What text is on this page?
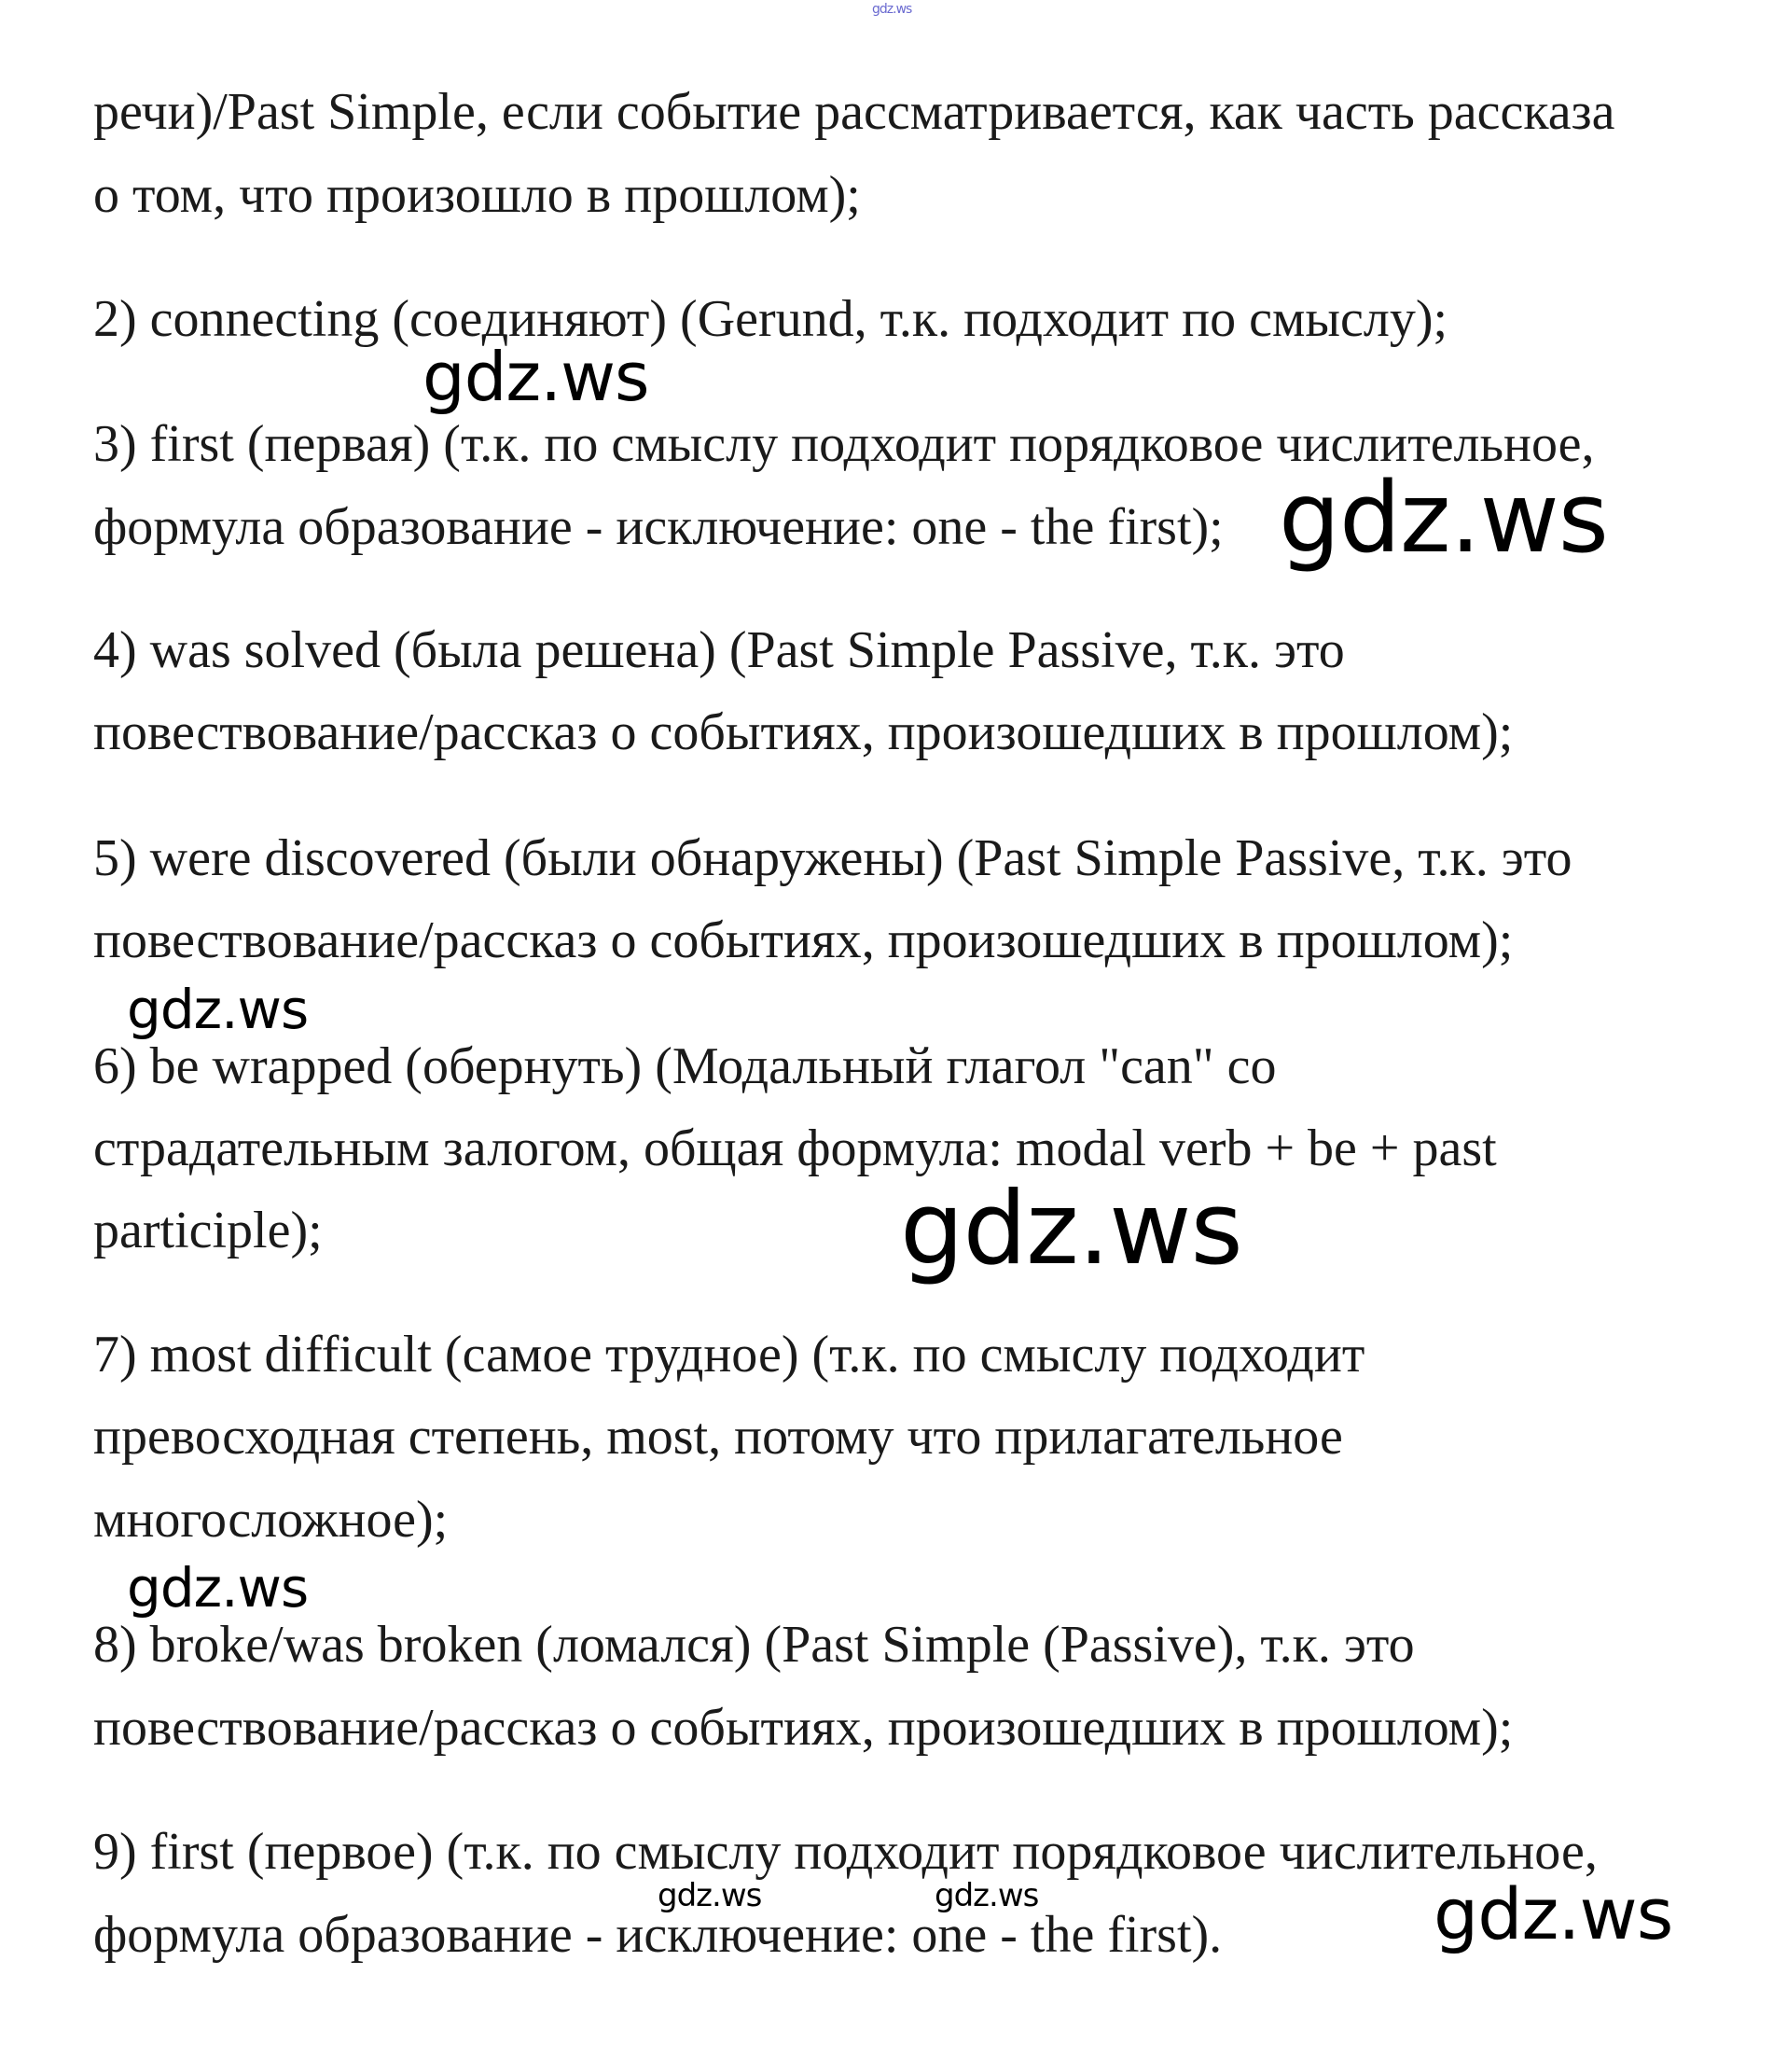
gdz.ws
речи)/Past Simple, если событие рассматривается, как часть рассказа
о том, что произошло в прошлом);
2) connecting (соединяют) (Gerund, т.к. подходит по смыслу);
gdz.ws
3) first (первая) (т.к. по смыслу подходит порядковое числительное,
формула образование - исключение: one - the first); gdz.ws
4) was solved (была решена) (Past Simple Passive, т.к. это
повествование/рассказ о событиях, произошедших в прошлом);
5) were discovered (были обнаружены) (Past Simple Passive, т.к. это
повествование/рассказ о событиях, произошедших в прошлом);
gdz.ws
6) be wrapped (обернуть) (Модальный глагол "can" со
страдательным залогом, общая формула: modal verb + be + past
participle);	gdz.ws
7) most difficult (самое трудное) (т.к. по смыслу подходит
превосходная степень, most, потому что прилагательное
многосложное);
gdz.ws
8) broke/was broken (ломался) (Past Simple (Passive), т.к. это
повествование/рассказ о событиях, произошедших в прошлом);
9) first (первое) (т.к. по смыслу подходит порядковое числительное,
формула образование - исключение: one - the first).
gdz.ws	gdz.ws	gdz.ws
